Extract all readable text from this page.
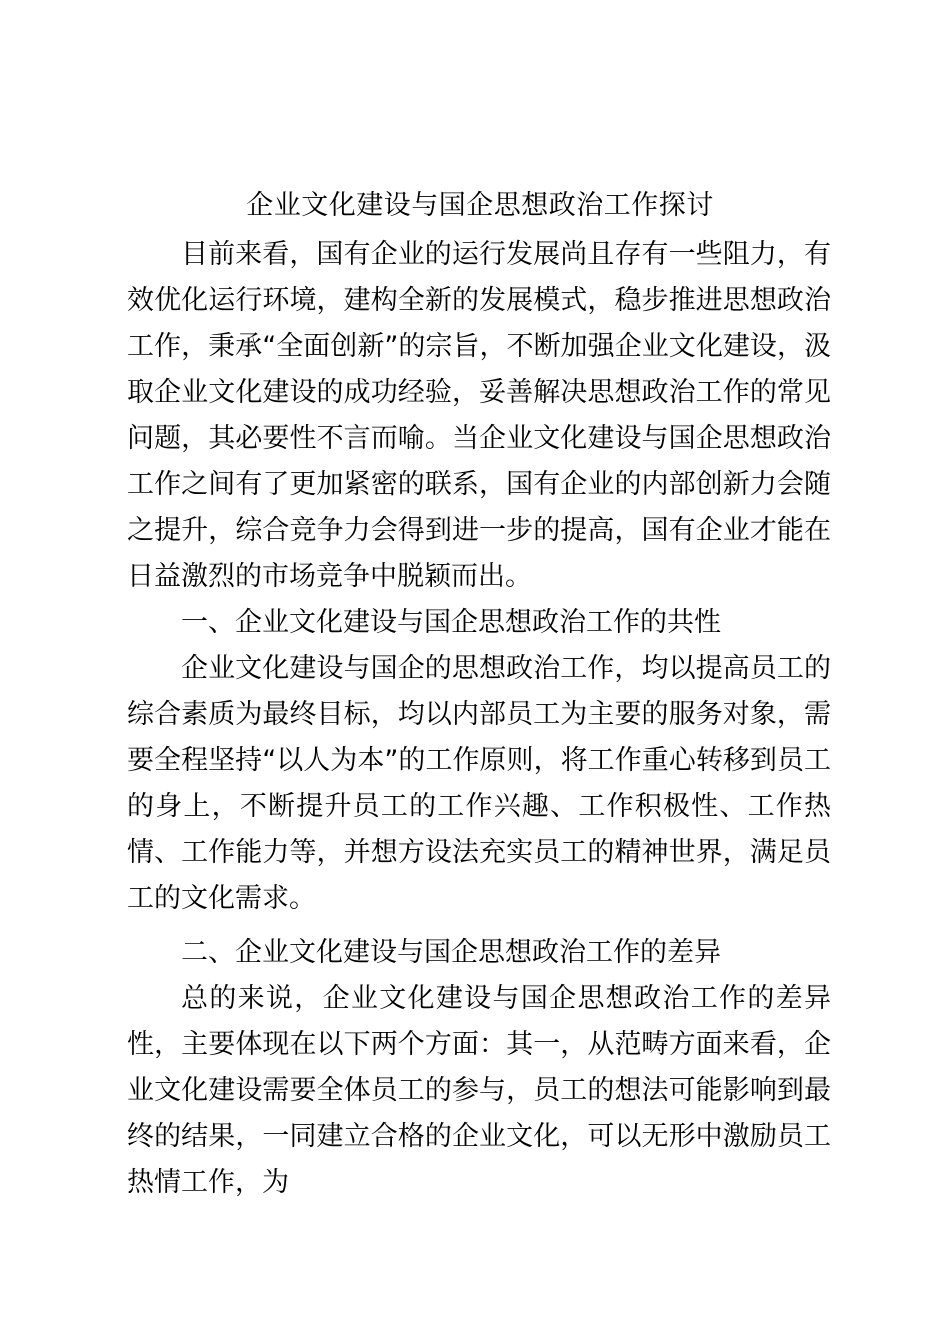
企业文化建设与国企思想政治工作探讨

目前来看，国有企业的运行发展尚且存有一些阻力，有效优化运行环境，建构全新的发展模式，稳步推进思想政治工作，秉承“全面创新”的宗旨，不断加强企业文化建设，汲取企业文化建设的成功经验，妥善解决思想政治工作的常见问题，其必要性不言而喻。当企业文化建设与国企思想政治工作之间有了更加紧密的联系，国有企业的内部创新力会随之提升，综合竞争力会得到进一步的提高，国有企业才能在日益激烈的市场竞争中脱颖而出。

一、企业文化建设与国企思想政治工作的共性

企业文化建设与国企的思想政治工作，均以提高员工的综合素质为最终目标，均以内部员工为主要的服务对象，需要全程坚持“以人为本”的工作原则，将工作重心转移到员工的身上，不断提升员工的工作兴趣、工作积极性、工作热情、工作能力等，并想方设法充实员工的精神世界，满足员工的文化需求。

二、企业文化建设与国企思想政治工作的差异

总的来说，企业文化建设与国企思想政治工作的差异性，主要体现在以下两个方面：其一，从范畴方面来看，企业文化建设需要全体员工的参与，员工的想法可能影响到最终的结果，一同建立合格的企业文化，可以无形中激励员工热情工作，为
